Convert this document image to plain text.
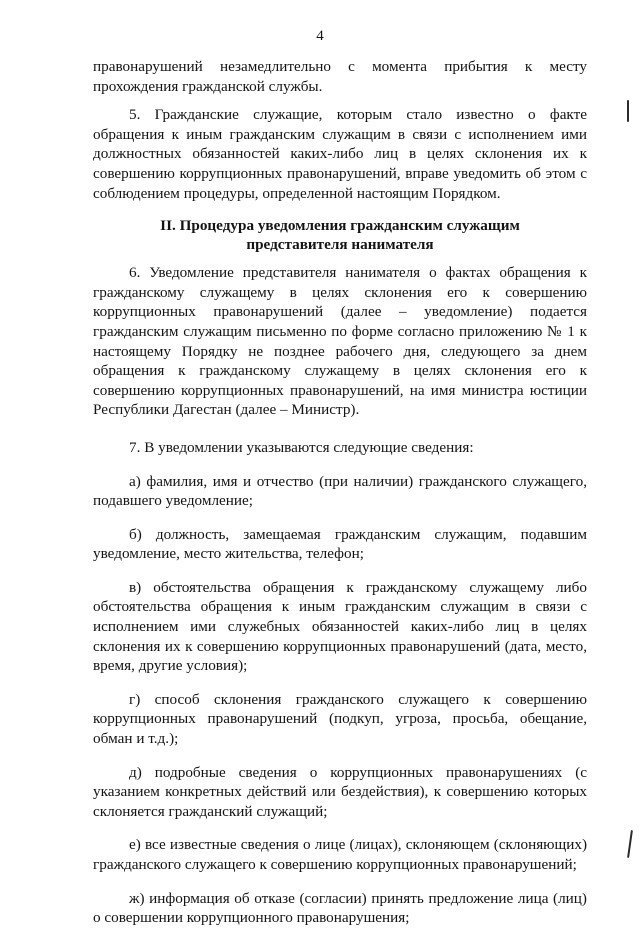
4

правонарушений незамедлительно с момента прибытия к месту прохождения гражданской службы.

5. Гражданские служащие, которым стало известно о факте обращения к иным гражданским служащим в связи с исполнением ими должностных обязанностей каких-либо лиц в целях склонения их к совершению коррупционных правонарушений, вправе уведомить об этом с соблюдением процедуры, определенной настоящим Порядком.

II. Процедура уведомления гражданским служащим
представителя нанимателя

6. Уведомление представителя нанимателя о фактах обращения к гражданскому служащему в целях склонения его к совершению коррупционных правонарушений (далее – уведомление) подается гражданским служащим письменно по форме согласно приложению № 1 к настоящему Порядку не позднее рабочего дня, следующего за днем обращения к гражданскому служащему в целях склонения его к совершению коррупционных правонарушений, на имя министра юстиции Республики Дагестан (далее – Министр).

7. В уведомлении указываются следующие сведения:

а) фамилия, имя и отчество (при наличии) гражданского служащего, подавшего уведомление;

б) должность, замещаемая гражданским служащим, подавшим уведомление, место жительства, телефон;

в) обстоятельства обращения к гражданскому служащему либо обстоятельства обращения к иным гражданским служащим в связи с исполнением ими служебных обязанностей каких-либо лиц в целях склонения их к совершению коррупционных правонарушений (дата, место, время, другие условия);

г) способ склонения гражданского служащего к совершению коррупционных правонарушений (подкуп, угроза, просьба, обещание, обман и т.д.);

д) подробные сведения о коррупционных правонарушениях (с указанием конкретных действий или бездействия), к совершению которых склоняется гражданский служащий;

е) все известные сведения о лице (лицах), склоняющем (склоняющих) гражданского служащего к совершению коррупционных правонарушений;

ж) информация об отказе (согласии) принять предложение лица (лиц) о совершении коррупционного правонарушения;
